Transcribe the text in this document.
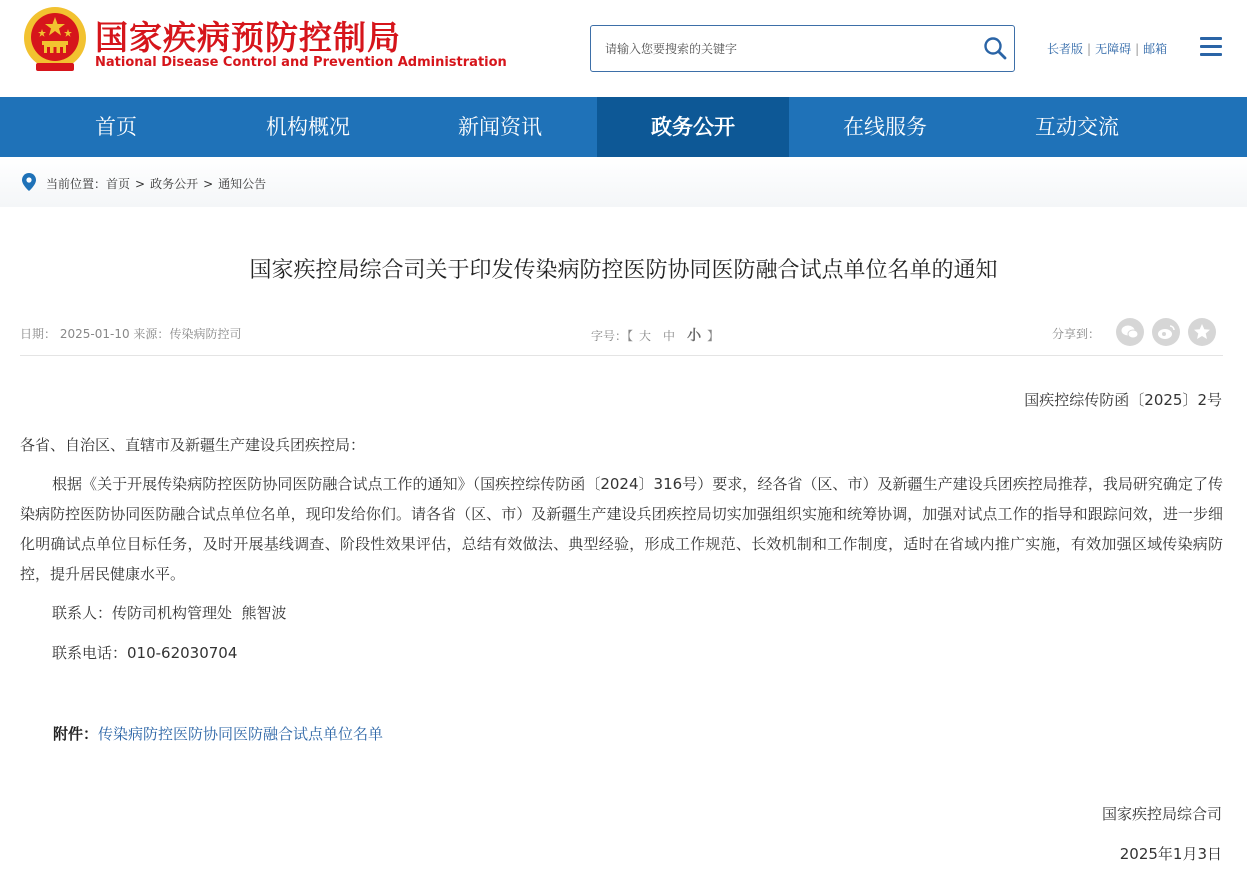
国家疾病预防控制局
National Disease Control and Prevention Administration
请输入您要搜索的关键字
长者版 | 无障碍 | 邮箱
首页	机构概况	新闻资讯	政务公开	在线服务	互动交流
当前位置：首页 > 政务公开 > 通知公告
国家疾控局综合司关于印发传染病防控医防协同医防融合试点单位名单的通知
日期： 2025-01-10 来源：传染病防控司	字号：【 大 中 小 】	分享到：
国疾控综传防函〔2025〕2号
各省、自治区、直辖市及新疆生产建设兵团疾控局：

根据《关于开展传染病防控医防协同医防融合试点工作的通知》（国疾控综传防函〔2024〕316号）要求，经各省（区、市）及新疆生产建设兵团疾控局推荐，我局研究确定了传染病防控医防协同医防融合试点单位名单，现印发给你们。请各省（区、市）及新疆生产建设兵团疾控局切实加强组织实施和统筹协调，加强对试点工作的指导和跟踪问效，进一步细化明确试点单位目标任务，及时开展基线调查、阶段性效果评估，总结有效做法、典型经验，形成工作规范、长效机制和工作制度，适时在省域内推广实施，有效加强区域传染病防控，提升居民健康水平。

联系人：传防司机构管理处  熊智波
联系电话：010-62030704
附件：传染病防控医防协同医防融合试点单位名单
国家疾控局综合司
2025年1月3日
